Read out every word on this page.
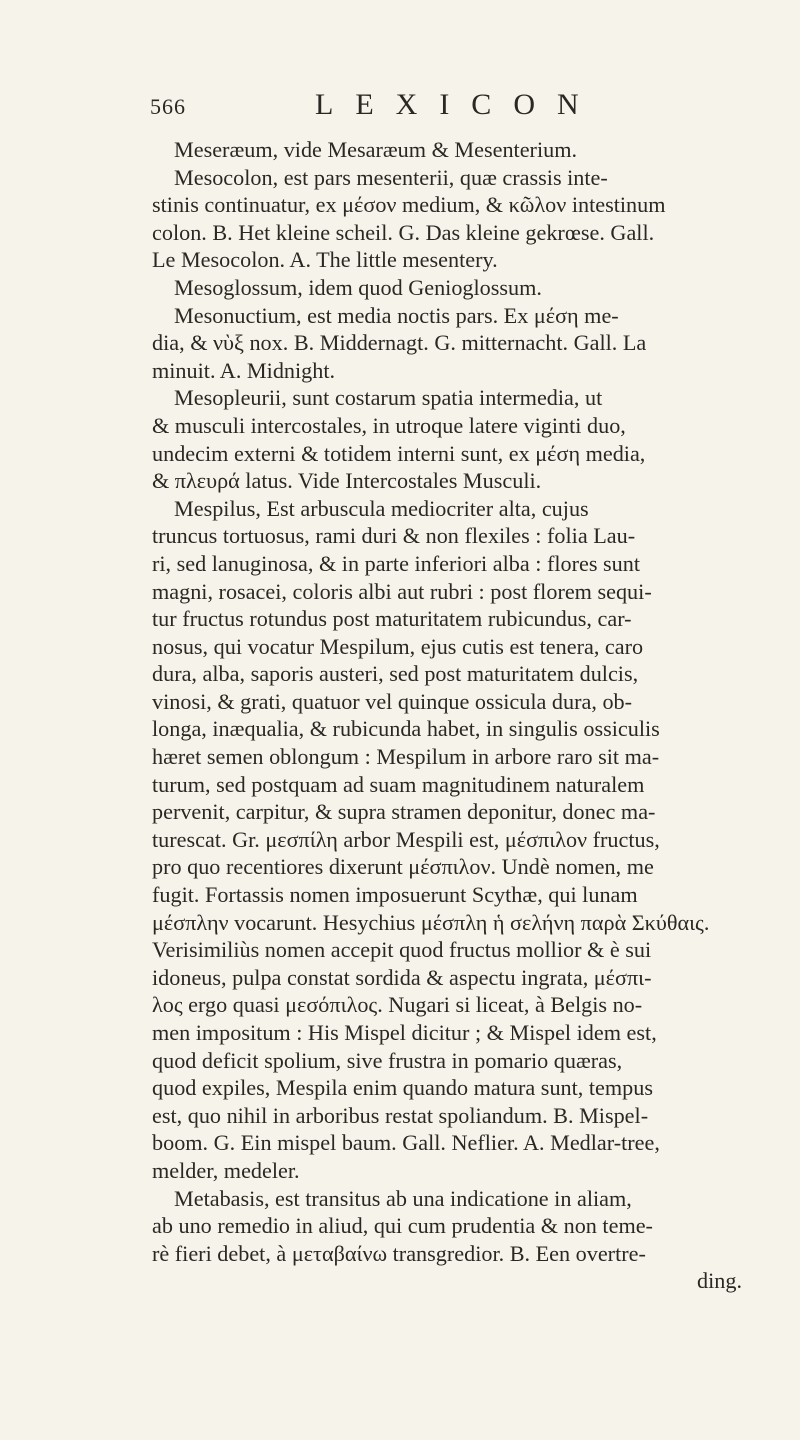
566	LEXICON
Meseræum, vide Mesaræum & Mesenterium.
Mesocolon, est pars mesenterii, quæ crassis inte-
stinis continuatur, ex μέσον medium, & κῶλον intestinum
colon. B. Het kleine scheil. G. Das kleine gekrœse. Gall.
Le Mesocolon. A. The little mesentery.
Mesoglossum, idem quod Genioglossum.
Mesonuctium, est media noctis pars. Ex μέση me-
dia, & νὺξ nox. B. Middernagt. G. mitternacht. Gall. La
minuit. A. Midnight.
Mesopleurii, sunt costarum spatia intermedia, ut
& musculi intercostales, in utroque latere viginti duo,
undecim externi & totidem interni sunt, ex μέση media,
& πλευρά latus. Vide Intercostales Musculi.
Mespilus, Est arbuscula mediocriter alta, cujus
truncus tortuosus, rami duri & non flexiles : folia Lau-
ri, sed lanuginosa, & in parte inferiori alba : flores sunt
magni, rosacei, coloris albi aut rubri : post florem sequi-
tur fructus rotundus post maturitatem rubicundus, car-
nosus, qui vocatur Mespilum, ejus cutis est tenera, caro
dura, alba, saporis austeri, sed post maturitatem dulcis,
vinosi, & grati, quatuor vel quinque ossicula dura, ob-
longa, inæqualia, & rubicunda habet, in singulis ossiculis
hæret semen oblongum : Mespilum in arbore raro sit ma-
turum, sed postquam ad suam magnitudinem naturalem
pervenit, carpitur, & supra stramen deponitur, donec ma-
turescat. Gr. μεσπίλη arbor Mespili est, μέσπιλον fructus,
pro quo recentiores dixerunt μέσπιλον. Undè nomen, me
fugit. Fortassis nomen imposuerunt Scythæ, qui lunam
μέσπλην vocarunt. Hesychius μέσπλη ἡ σελήνη παρὰ Σκύθαις.
Verisimiliùs nomen accepit quod fructus mollior & è sui
idoneus, pulpa constat sordida & aspectu ingrata, μέσπι-
λος ergo quasi μεσόπιλος. Nugari si liceat, à Belgis no-
men impositum : His Mispel dicitur ; & Mispel idem est,
quod deficit spolium, sive frustra in pomario quæras,
quod expiles, Mespila enim quando matura sunt, tempus
est, quo nihil in arboribus restat spoliandum. B. Mispel-
boom. G. Ein mispel baum. Gall. Neflier. A. Medlar-tree,
melder, medeler.
Metabasis, est transitus ab una indicatione in aliam,
ab uno remedio in aliud, qui cum prudentia & non teme-
rè fieri debet, à μεταβαίνω transgredior. B. Een overtre-
ding.
